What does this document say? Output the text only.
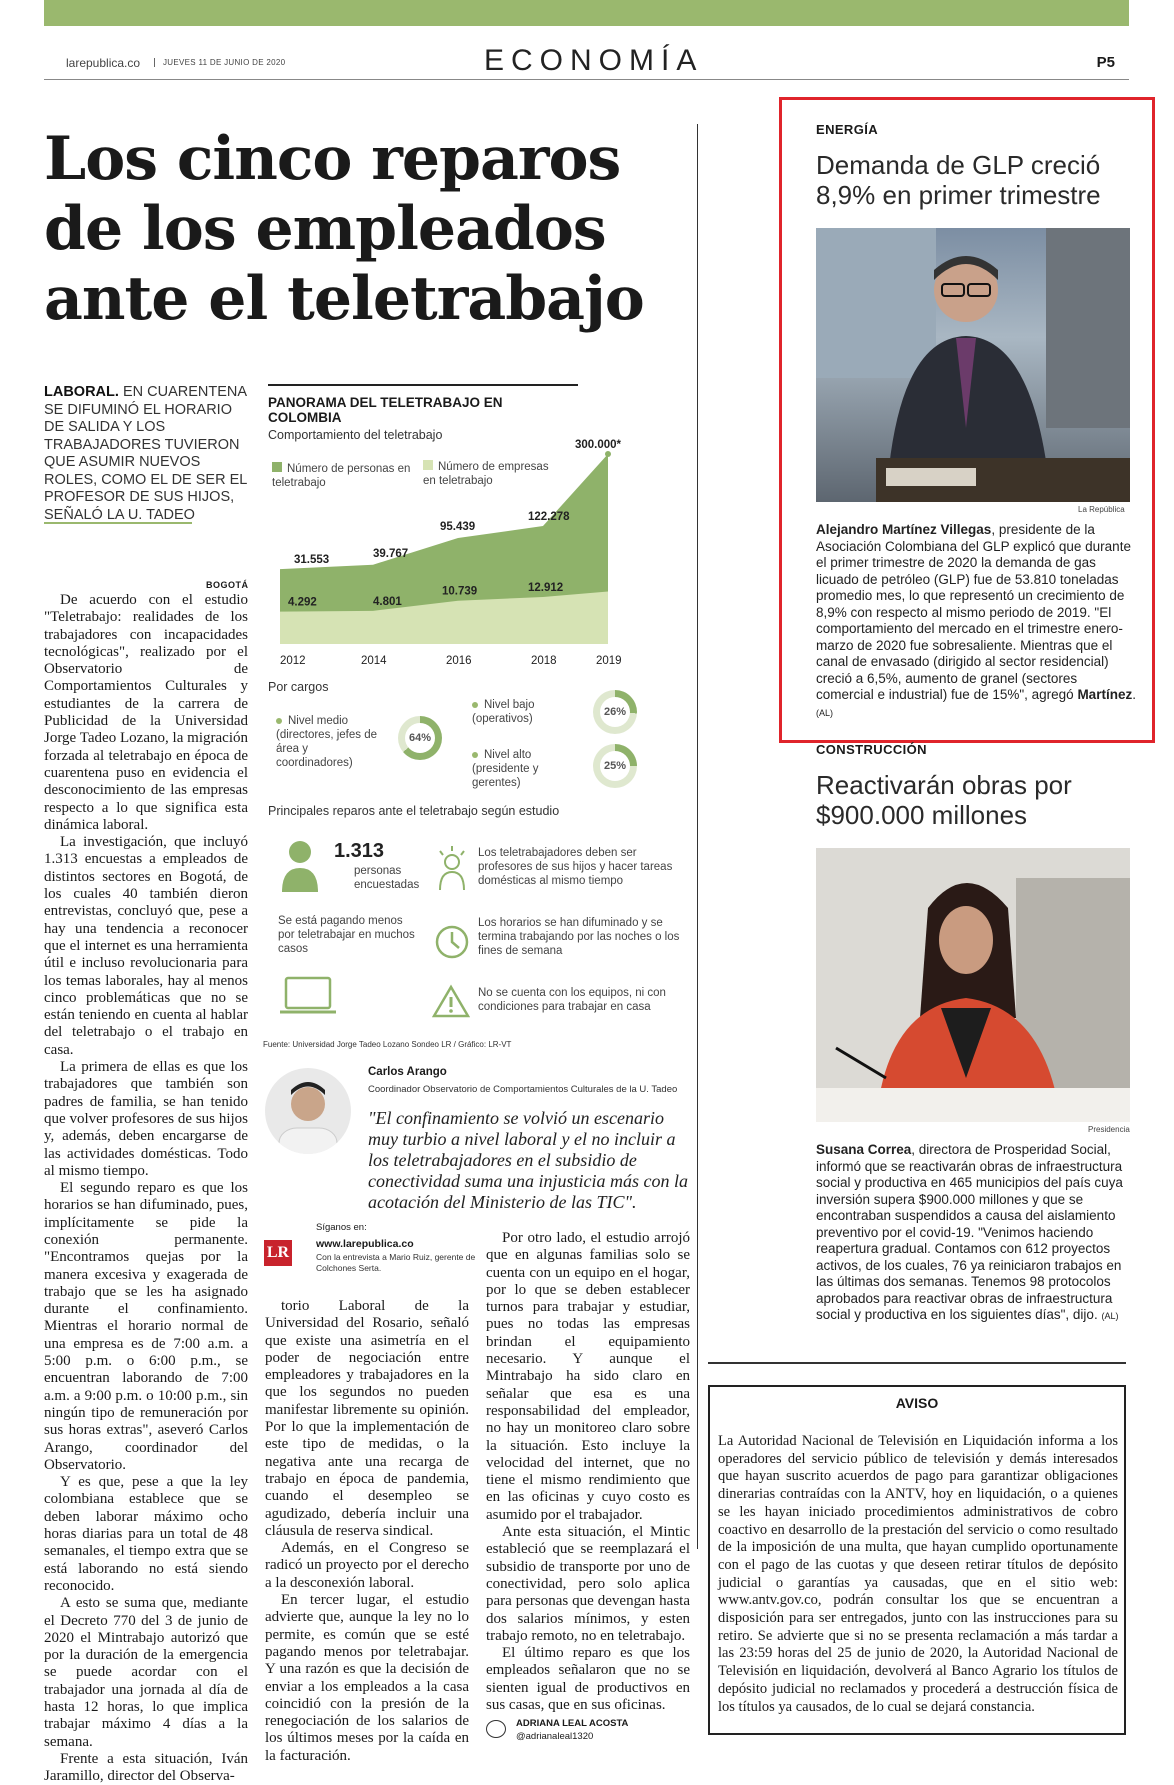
larepublica.co	JUEVES 11 DE JUNIO DE 2020	ECONOMÍA	P5
Los cinco reparos de los empleados ante el teletrabajo
LABORAL. EN CUARENTENA SE DIFUMINÓ EL HORARIO DE SALIDA Y LOS TRABAJADORES TUVIERON QUE ASUMIR NUEVOS ROLES, COMO EL DE SER EL PROFESOR DE SUS HIJOS, SEÑALÓ LA U. TADEO
BOGOTÁ

De acuerdo con el estudio "Teletrabajo: realidades de los trabajadores con incapacidades tecnológicas", realizado por el Observatorio de Comportamientos Culturales y estudiantes de la carrera de Publicidad de la Universidad Jorge Tadeo Lozano, la migración forzada al teletrabajo en época de cuarentena puso en evidencia el desconocimiento de las empresas respecto a lo que significa esta dinámica laboral.

La investigación, que incluyó 1.313 encuestas a empleados de distintos sectores en Bogotá, de los cuales 40 también dieron entrevistas, concluyó que, pese a hay una tendencia a reconocer que el internet es una herramienta útil e incluso revolucionaria para los temas laborales, hay al menos cinco problemáticas que no se están teniendo en cuenta al hablar del teletrabajo o el trabajo en casa.

La primera de ellas es que los trabajadores que también son padres de familia, se han tenido que volver profesores de sus hijos y, además, deben encargarse de las actividades domésticas. Todo al mismo tiempo.

El segundo reparo es que los horarios se han difuminado, pues, implícitamente se pide la conexión permanente. "Encontramos quejas por la manera excesiva y exagerada de trabajo que se les ha asignado durante el confinamiento. Mientras el horario normal de una empresa es de 7:00 a.m. a 5:00 p.m. o 6:00 p.m., se encuentran laborando de 7:00 a.m. a 9:00 p.m. o 10:00 p.m., sin ningún tipo de remuneración por sus horas extras", aseveró Carlos Arango, coordinador del Observatorio.

Y es que, pese a que la ley colombiana establece que se deben laborar máximo ocho horas diarias para un total de 48 semanales, el tiempo extra que se está laborando no está siendo reconocido.

A esto se suma que, mediante el Decreto 770 del 3 de junio de 2020 el Mintrabajo autorizó que por la duración de la emergencia se puede acordar con el trabajador una jornada al día de hasta 12 horas, lo que implica trabajar máximo 4 días a la semana.

Frente a esta situación, Iván Jaramillo, director del Observa-

torio Laboral de la Universidad del Rosario, señaló que existe una asimetría en el poder de negociación entre empleadores y trabajadores en la que los segundos no pueden manifestar libremente su opinión. Por lo que la implementación de este tipo de medidas, o la negativa ante una recarga de trabajo en época de pandemia, cuando el desempleo se agudizado, debería incluir una cláusula de reserva sindical.

Además, en el Congreso se radicó un proyecto por el derecho a la desconexión laboral.

En tercer lugar, el estudio advierte que, aunque la ley no lo permite, es común que se esté pagando menos por teletrabajar. Y una razón es que la decisión de enviar a los empleados a la casa coincidió con la presión de la renegociación de los salarios de los últimos meses por la caída en la facturación.

Por otro lado, el estudio arrojó que en algunas familias solo se cuenta con un equipo en el hogar, por lo que se deben establecer turnos para trabajar y estudiar, pues no todas las empresas brindan el equipamiento necesario. Y aunque el Mintrabajo ha sido claro en señalar que esa es una responsabilidad del empleador, no hay un monitoreo claro sobre la situación. Esto incluye la velocidad del internet, que no tiene el mismo rendimiento que en las oficinas y cuyo costo es asumido por el trabajador.

Ante esta situación, el Mintic estableció que se reemplazará el subsidio de transporte por uno de conectividad, pero solo aplica para personas que devengan hasta dos salarios mínimos, y esten trabajo remoto, no en teletrabajo.

El último reparo es que los empleados señalaron que no se sienten igual de productivos en sus casas, que en sus oficinas.

LR
Síganos en:
www.larepublica.co
Con la entrevista a Mario Ruiz, gerente de Colchones Serta.
Carlos Arango
Coordinador Observatorio de Comportamientos Culturales de la U. Tadeo
"El confinamiento se volvió un escenario muy turbio a nivel laboral y el no incluir a los teletrabajadores en el subsidio de conectividad suma una injusticia más con la acotación del Ministerio de las TIC".
ADRIANA LEAL ACOSTA
@adrianaleal1320
PANORAMA DEL TELETRABAJO EN COLOMBIA
Comportamiento del teletrabajo
Número de personas en teletrabajo
Número de empresas en teletrabajo
31.553
39.767
95.439
122.278
300.000*
4.292	4.801
10.739	12.912
2012	2014	2016	2018	2019
Por cargos
Nivel medio (directores, jefes de área y coordinadores)
64%
Nivel bajo (operativos)
26%
Nivel alto (presidente y gerentes)
25%
Principales reparos ante el teletrabajo según estudio
1.313
personas encuestadas
Los teletrabajadores deben ser profesores de sus hijos y hacer tareas domésticas al mismo tiempo
Se está pagando menos por teletrabajar en muchos casos
Los horarios se han difuminado y se termina trabajando por las noches o los fines de semana
No se cuenta con los equipos, ni con condiciones para trabajar en casa
Fuente: Universidad Jorge Tadeo Lozano Sondeo LR / Gráfico: LR-VT
ENERGÍA
Demanda de GLP creció 8,9% en primer trimestre
La República
Alejandro Martínez Villegas, presidente de la Asociación Colombiana del GLP explicó que durante el primer trimestre de 2020 la demanda de gas licuado de petróleo (GLP) fue de 53.810 toneladas promedio mes, lo que representó un crecimiento de 8,9% con respecto al mismo periodo de 2019. "El comportamiento del mercado en el trimestre enero-marzo de 2020 fue sobresaliente. Mientras que el canal de envasado (dirigido al sector residencial) creció a 6,5%, aumento de granel (sectores comercial e industrial) fue de 15%", agregó Martínez. (AL)
CONSTRUCCIÓN
Reactivarán obras por $900.000 millones
Presidencia
Susana Correa, directora de Prosperidad Social, informó que se reactivarán obras de infraestructura social y productiva en 465 municipios del país cuya inversión supera $900.000 millones y que se encontraban suspendidos a causa del aislamiento preventivo por el covid-19. "Venimos haciendo reapertura gradual. Contamos con 612 proyectos activos, de los cuales, 76 ya reiniciaron trabajos en las últimas dos semanas. Tenemos 98 protocolos aprobados para reactivar obras de infraestructura social y productiva en los siguientes días", dijo. (AL)
AVISO
La Autoridad Nacional de Televisión en Liquidación informa a los operadores del servicio público de televisión y demás interesados que hayan suscrito acuerdos de pago para garantizar obligaciones dinerarias contraídas con la ANTV, hoy en liquidación, o a quienes se les hayan iniciado procedimientos administrativos de cobro coactivo en desarrollo de la prestación del servicio o como resultado de la imposición de una multa, que hayan cumplido oportunamente con el pago de las cuotas y que deseen retirar títulos de depósito judicial o garantías ya causadas, que en el sitio web: www.antv.gov.co, podrán consultar los que se encuentran a disposición para ser entregados, junto con las instrucciones para su retiro. Se advierte que si no se presenta reclamación a más tardar a las 23:59 horas del 25 de junio de 2020, la Autoridad Nacional de Televisión en liquidación, devolverá al Banco Agrario los títulos de depósito judicial no reclamados y procederá a destrucción física de los títulos ya causados, de lo cual se dejará constancia.
